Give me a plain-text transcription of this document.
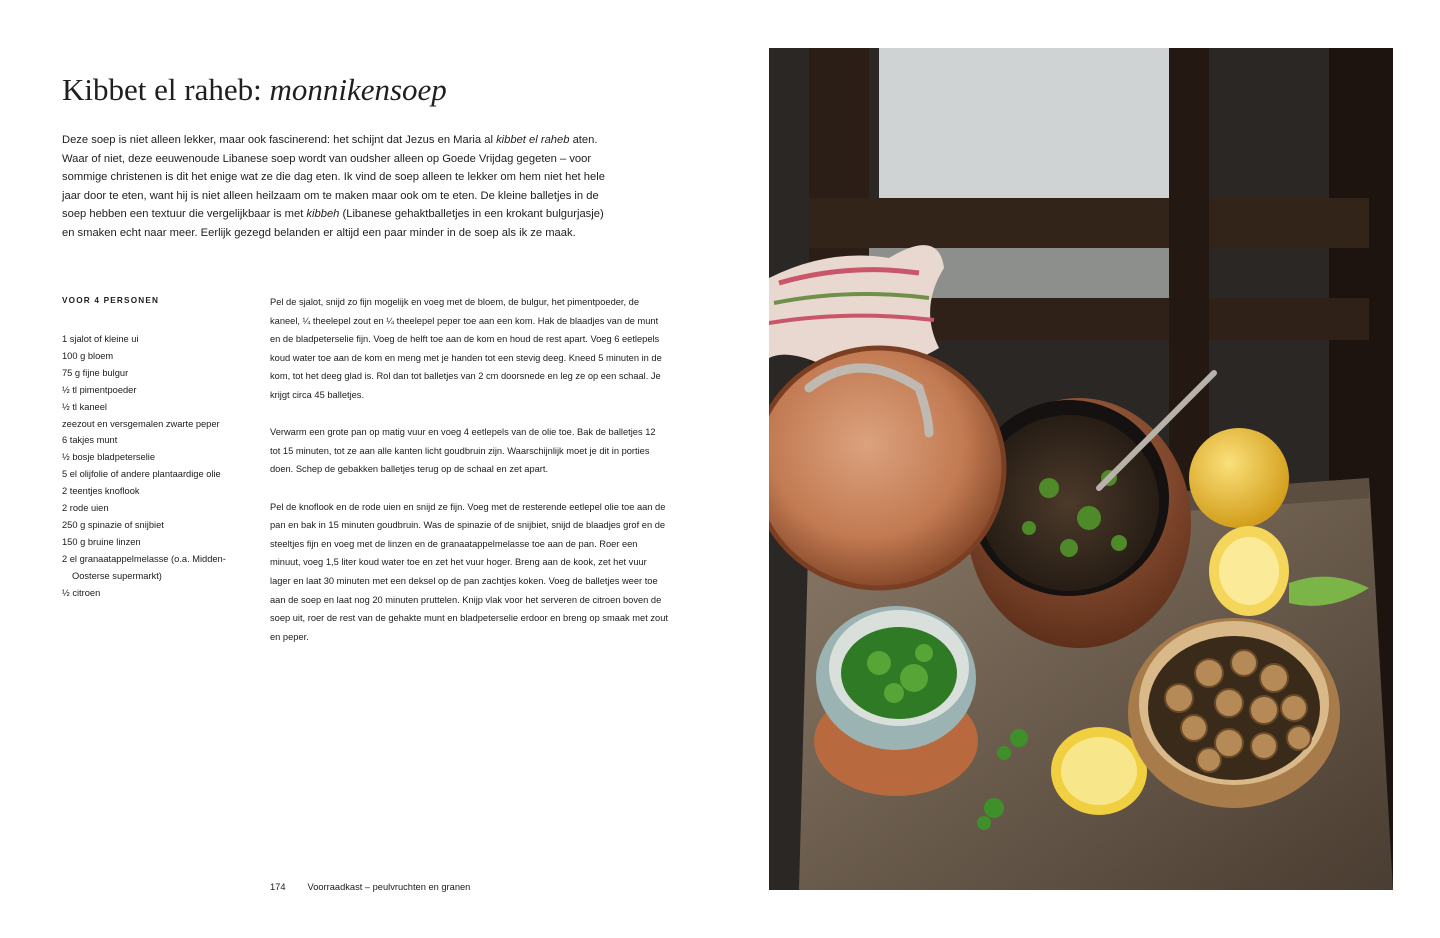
Kibbet el raheb: monnikensoep

Deze soep is niet alleen lekker, maar ook fascinerend: het schijnt dat Jezus en Maria al kibbet el raheb aten. Waar of niet, deze eeuwenoude Libanese soep wordt van oudsher alleen op Goede Vrijdag gegeten – voor sommige christenen is dit het enige wat ze die dag eten. Ik vind de soep alleen te lekker om hem niet het hele jaar door te eten, want hij is niet alleen heilzaam om te maken maar ook om te eten. De kleine balletjes in de soep hebben een textuur die vergelijkbaar is met kibbeh (Libanese gehaktballetjes in een krokant bulgurjasje) en smaken echt naar meer. Eerlijk gezegd belanden er altijd een paar minder in de soep als ik ze maak.

VOOR 4 PERSONEN
1 sjalot of kleine ui
100 g bloem
75 g fijne bulgur
½ tl pimentpoeder
½ tl kaneel
zeezout en versgemalen zwarte peper
6 takjes munt
½ bosje bladpeterselie
5 el olijfolie of andere plantaardige olie
2 teentjes knoflook
2 rode uien
250 g spinazie of snijbiet
150 g bruine linzen
2 el granaatappelmelasse (o.a. Midden-Oosterse supermarkt)
½ citroen

Pel de sjalot, snijd zo fijn mogelijk en voeg met de bloem, de bulgur, het pimentpoeder, de kaneel, ¼ theelepel zout en ¼ theelepel peper toe aan een kom. Hak de blaadjes van de munt en de bladpeterselie fijn. Voeg de helft toe aan de kom en houd de rest apart. Voeg 6 eetlepels koud water toe aan de kom en meng met je handen tot een stevig deeg. Kneed 5 minuten in de kom, tot het deeg glad is. Rol dan tot balletjes van 2 cm doorsnede en leg ze op een schaal. Je krijgt circa 45 balletjes.

Verwarm een grote pan op matig vuur en voeg 4 eetlepels van de olie toe. Bak de balletjes 12 tot 15 minuten, tot ze aan alle kanten licht goudbruin zijn. Waarschijnlijk moet je dit in porties doen. Schep de gebakken balletjes terug op de schaal en zet apart.

Pel de knoflook en de rode uien en snijd ze fijn. Voeg met de resterende eetlepel olie toe aan de pan en bak in 15 minuten goudbruin. Was de spinazie of de snijbiet, snijd de blaadjes grof en de steeltjes fijn en voeg met de linzen en de granaatappelmelasse toe aan de pan. Roer een minuut, voeg 1,5 liter koud water toe en zet het vuur hoger. Breng aan de kook, zet het vuur lager en laat 30 minuten met een deksel op de pan zachtjes koken. Voeg de balletjes weer toe aan de soep en laat nog 20 minuten pruttelen. Knijp vlak voor het serveren de citroen boven de soep uit, roer de rest van de gehakte munt en bladpeterselie erdoor en breng op smaak met zout en peper.

174 Voorraadkast – peulvruchten en granen
